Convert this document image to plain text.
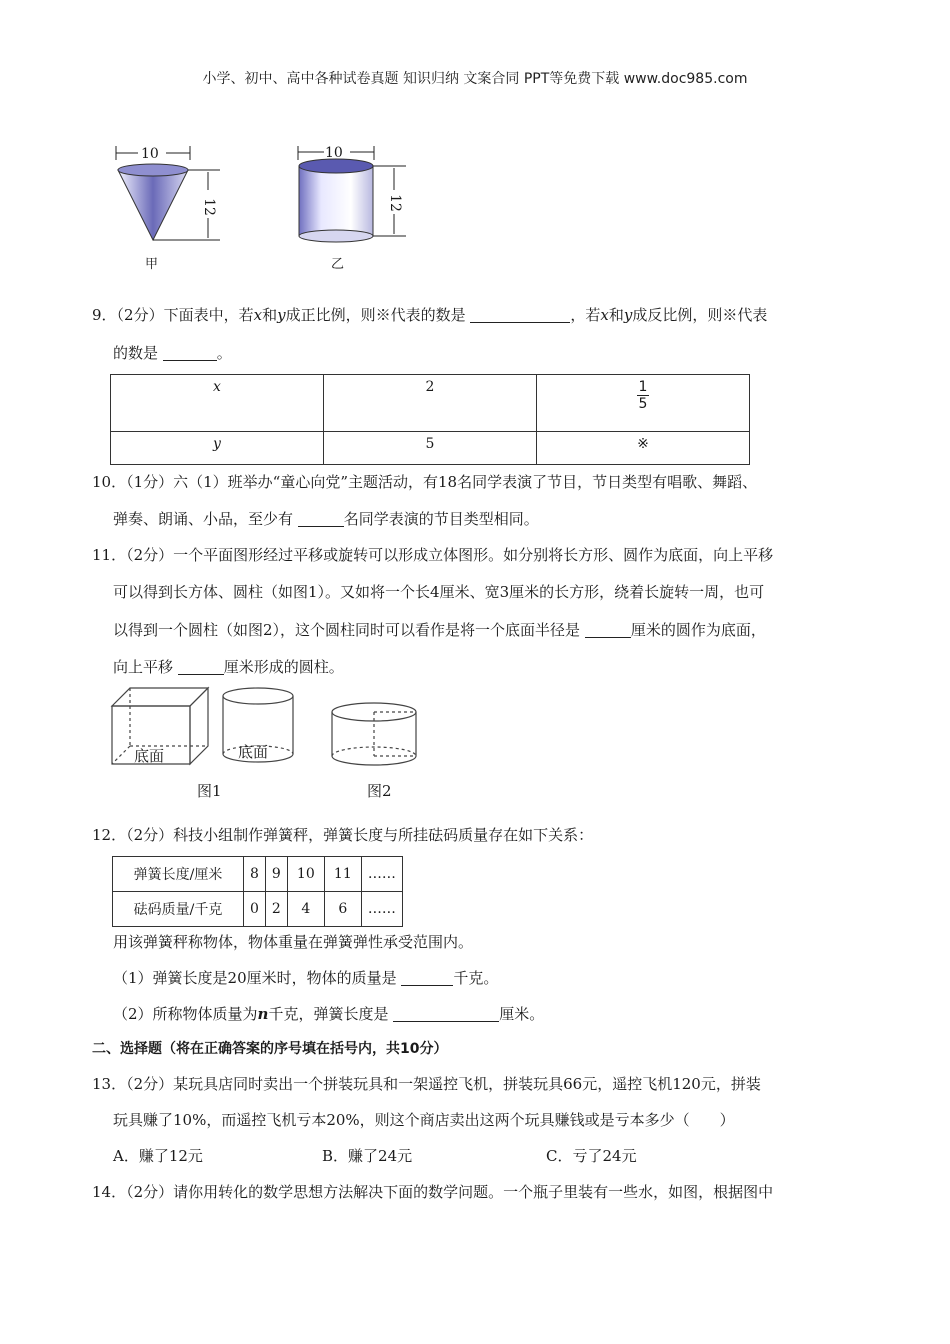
小学、初中、高中各种试卷真题 知识归纳 文案合同 PPT等免费下载 www.doc985.com
10	10
12	12
甲	乙
9．（2分）下面表中，若x和y成正比例，则※代表的数是	，若x和y成反比例，则※代表
的数是	。
x	2	$\frac{1}{5}$

y	5	※
10．（1分）六（1）班举办“童心向党”主题活动，有18名同学表演了节目，节日类型有唱歌、舞蹈、
弹奏、朗诵、小品，至少有	名同学表演的节目类型相同。
11．（2分）一个平面图形经过平移或旋转可以形成立体图形。如分别将长方形、圆作为底面，向上平移
可以得到长方体、圆柱（如图1）。又如将一个长4厘米、宽3厘米的长方形，绕着长旋转一周，也可
以得到一个圆柱（如图2），这个圆柱同时可以看作是将一个底面半径是	厘米的圆作为底面，
向上平移	厘米形成的圆柱。
底面	底面
图1	图2
12．（2分）科技小组制作弹簧秤，弹簧长度与所挂砝码质量存在如下关系：
弹簧长度/厘米	8	9	10	11	……
砝码质量/千克	0	2	4	6	……
用该弹簧秤称物体，物体重量在弹簧弹性承受范围内。
（1）弹簧长度是20厘米时，物体的质量是	千克。
（2）所称物体质量为n千克，弹簧长度是	厘米。
二、选择题（将在正确答案的序号填在括号内，共10分）
13．（2分）某玩具店同时卖出一个拼装玩具和一架遥控飞机，拼装玩具66元，遥控飞机120元，拼装
玩具赚了10%，而遥控飞机亏本20%，则这个商店卖出这两个玩具赚钱或是亏本多少（　　）
A．赚了12元	B．赚了24元	C．亏了24元
14．（2分）请你用转化的数学思想方法解决下面的数学问题。一个瓶子里装有一些水，如图，根据图中
